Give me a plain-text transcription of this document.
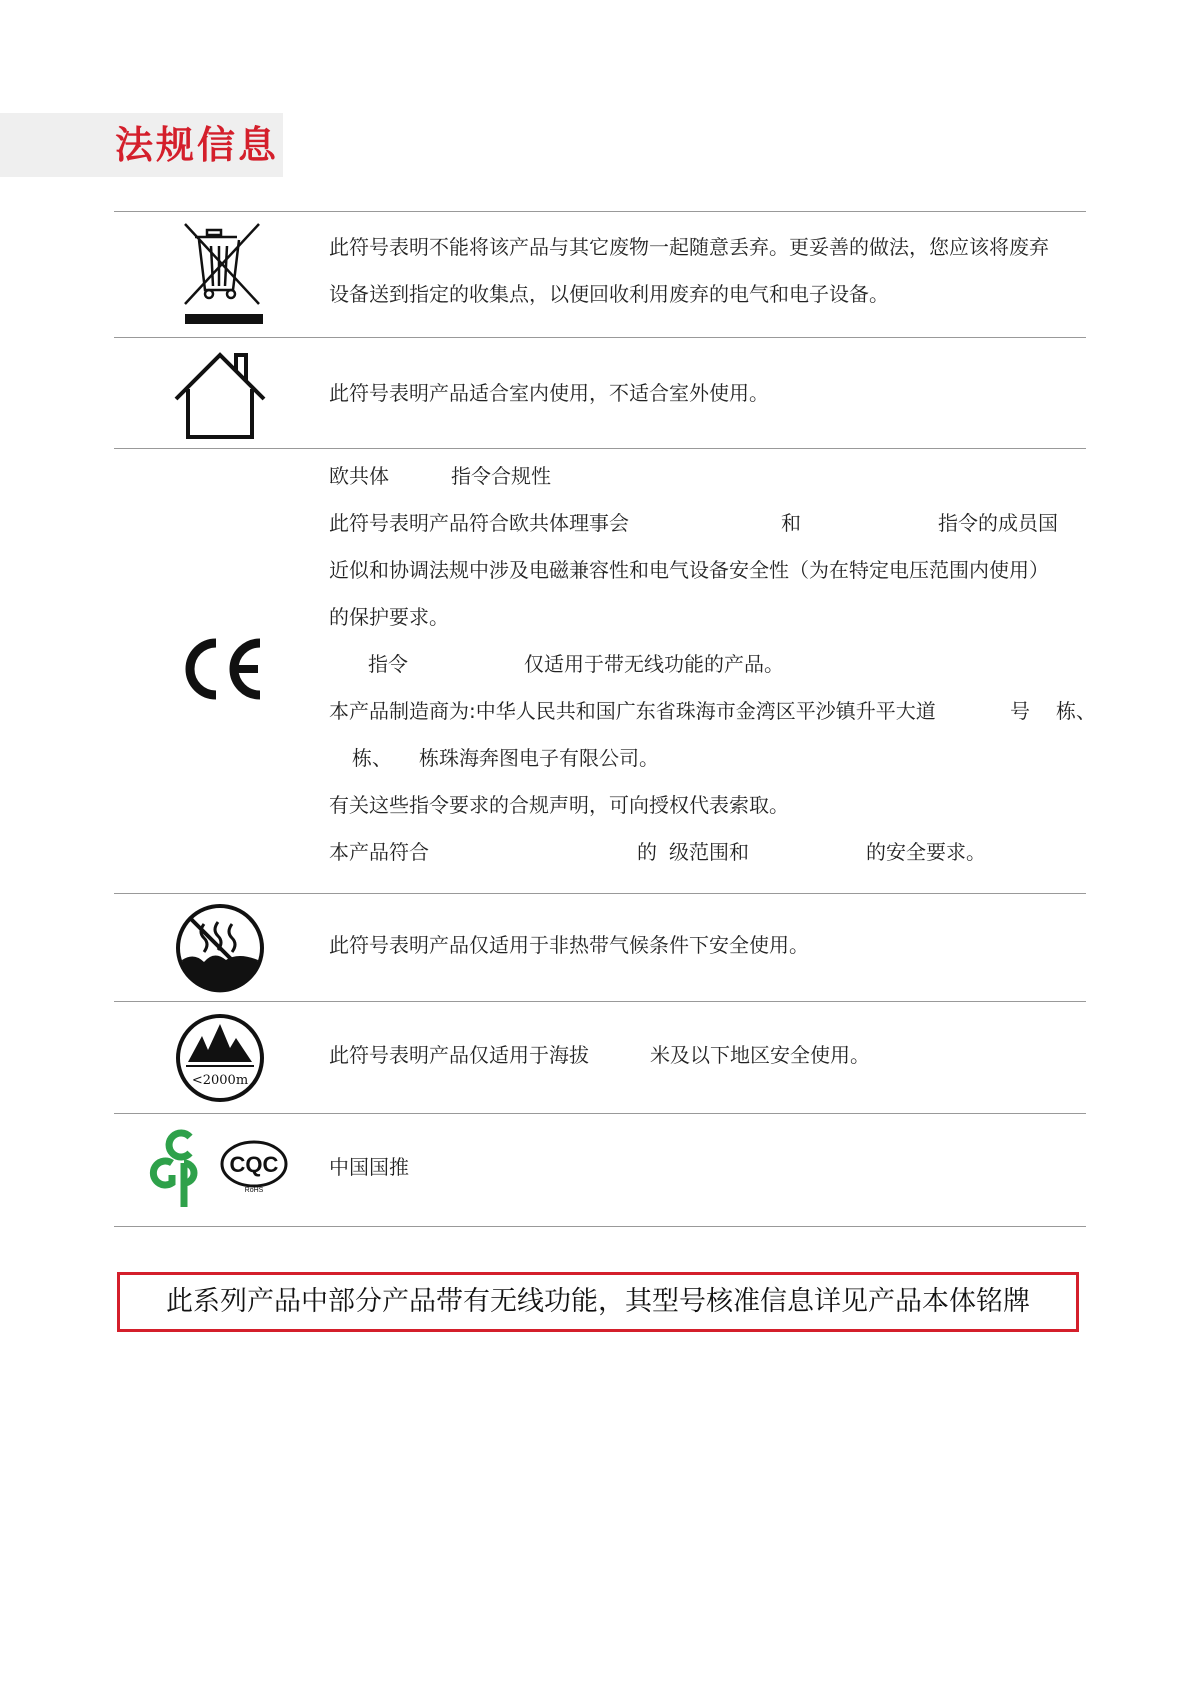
法规信息
此符号表明不能将该产品与其它废物一起随意丢弃。更妥善的做法，您应该将废弃
设备送到指定的收集点，以便回收利用废弃的电气和电子设备。
此符号表明产品适合室内使用，不适合室外使用。
欧共体	指令合规性
此符号表明产品符合欧共体理事会	和	指令的成员国
近似和协调法规中涉及电磁兼容性和电气设备安全性（为在特定电压范围内使用）
的保护要求。
指令	仅适用于带无线功能的产品。
本产品制造商为:中华人民共和国广东省珠海市金湾区平沙镇升平大道	号 栋、
栋、 栋珠海奔图电子有限公司。
有关这些指令要求的合规声明，可向授权代表索取。
本产品符合	的 级范围和	的安全要求。
此符号表明产品仅适用于非热带气候条件下安全使用。
<2000m
此符号表明产品仅适用于海拔	米及以下地区安全使用。
CQC
RoHS
中国国推
此系列产品中部分产品带有无线功能，其型号核准信息详见产品本体铭牌
